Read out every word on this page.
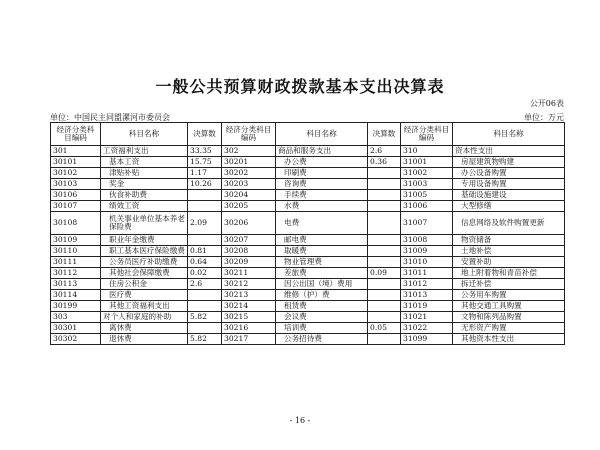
一般公共预算财政拨款基本支出决算表
公开06表
单位：中国民主同盟漯河市委员会	单位：万元
经济分类科目编码	科目名称	决算数	经济分类科目编码	科目名称	决算数	经济分类科目编码	科目名称
301	工资福利支出	33.35	302	商品和服务支出	2.6	310	资本性支出
30101	基本工资	15.75	30201	办公费	0.36	31001	房屋建筑物购建
30102	津贴补贴	1.17	30202	印刷费		31002	办公设备购置
30103	奖金	10.26	30203	咨询费		31003	专用设备购置
30106	伙食补助费		30204	手续费		31005	基础设施建设
30107	绩效工资		30205	水费		31006	大型修缮
30108	机关事业单位基本养老保险费	2.09	30206	电费		31007	信息网络及软件购置更新
30109	职业年金缴费		30207	邮电费		31008	物资储备
30110	职工基本医疗保险缴费	0.81	30208	取暖费		31009	土地补偿
30111	公务员医疗补助缴费	0.64	30209	物业管理费		31010	安置补助
30112	其他社会保障缴费	0.02	30211	差旅费	0.09	31011	地上附着物和青苗补偿
30113	住房公积金	2.6	30212	因公出国（境）费用		31012	拆迁补偿
30114	医疗费		30213	维修（护）费		31013	公务用车购置
30199	其他工资福利支出		30214	租赁费		31019	其他交通工具购置
303	对个人和家庭的补助	5.82	30215	会议费		31021	文物和陈列品购置
30301	离休费		30216	培训费	0.05	31022	无形资产购置
30302	退休费	5.82	30217	公务招待费		31099	其他资本性支出
- 16 -
